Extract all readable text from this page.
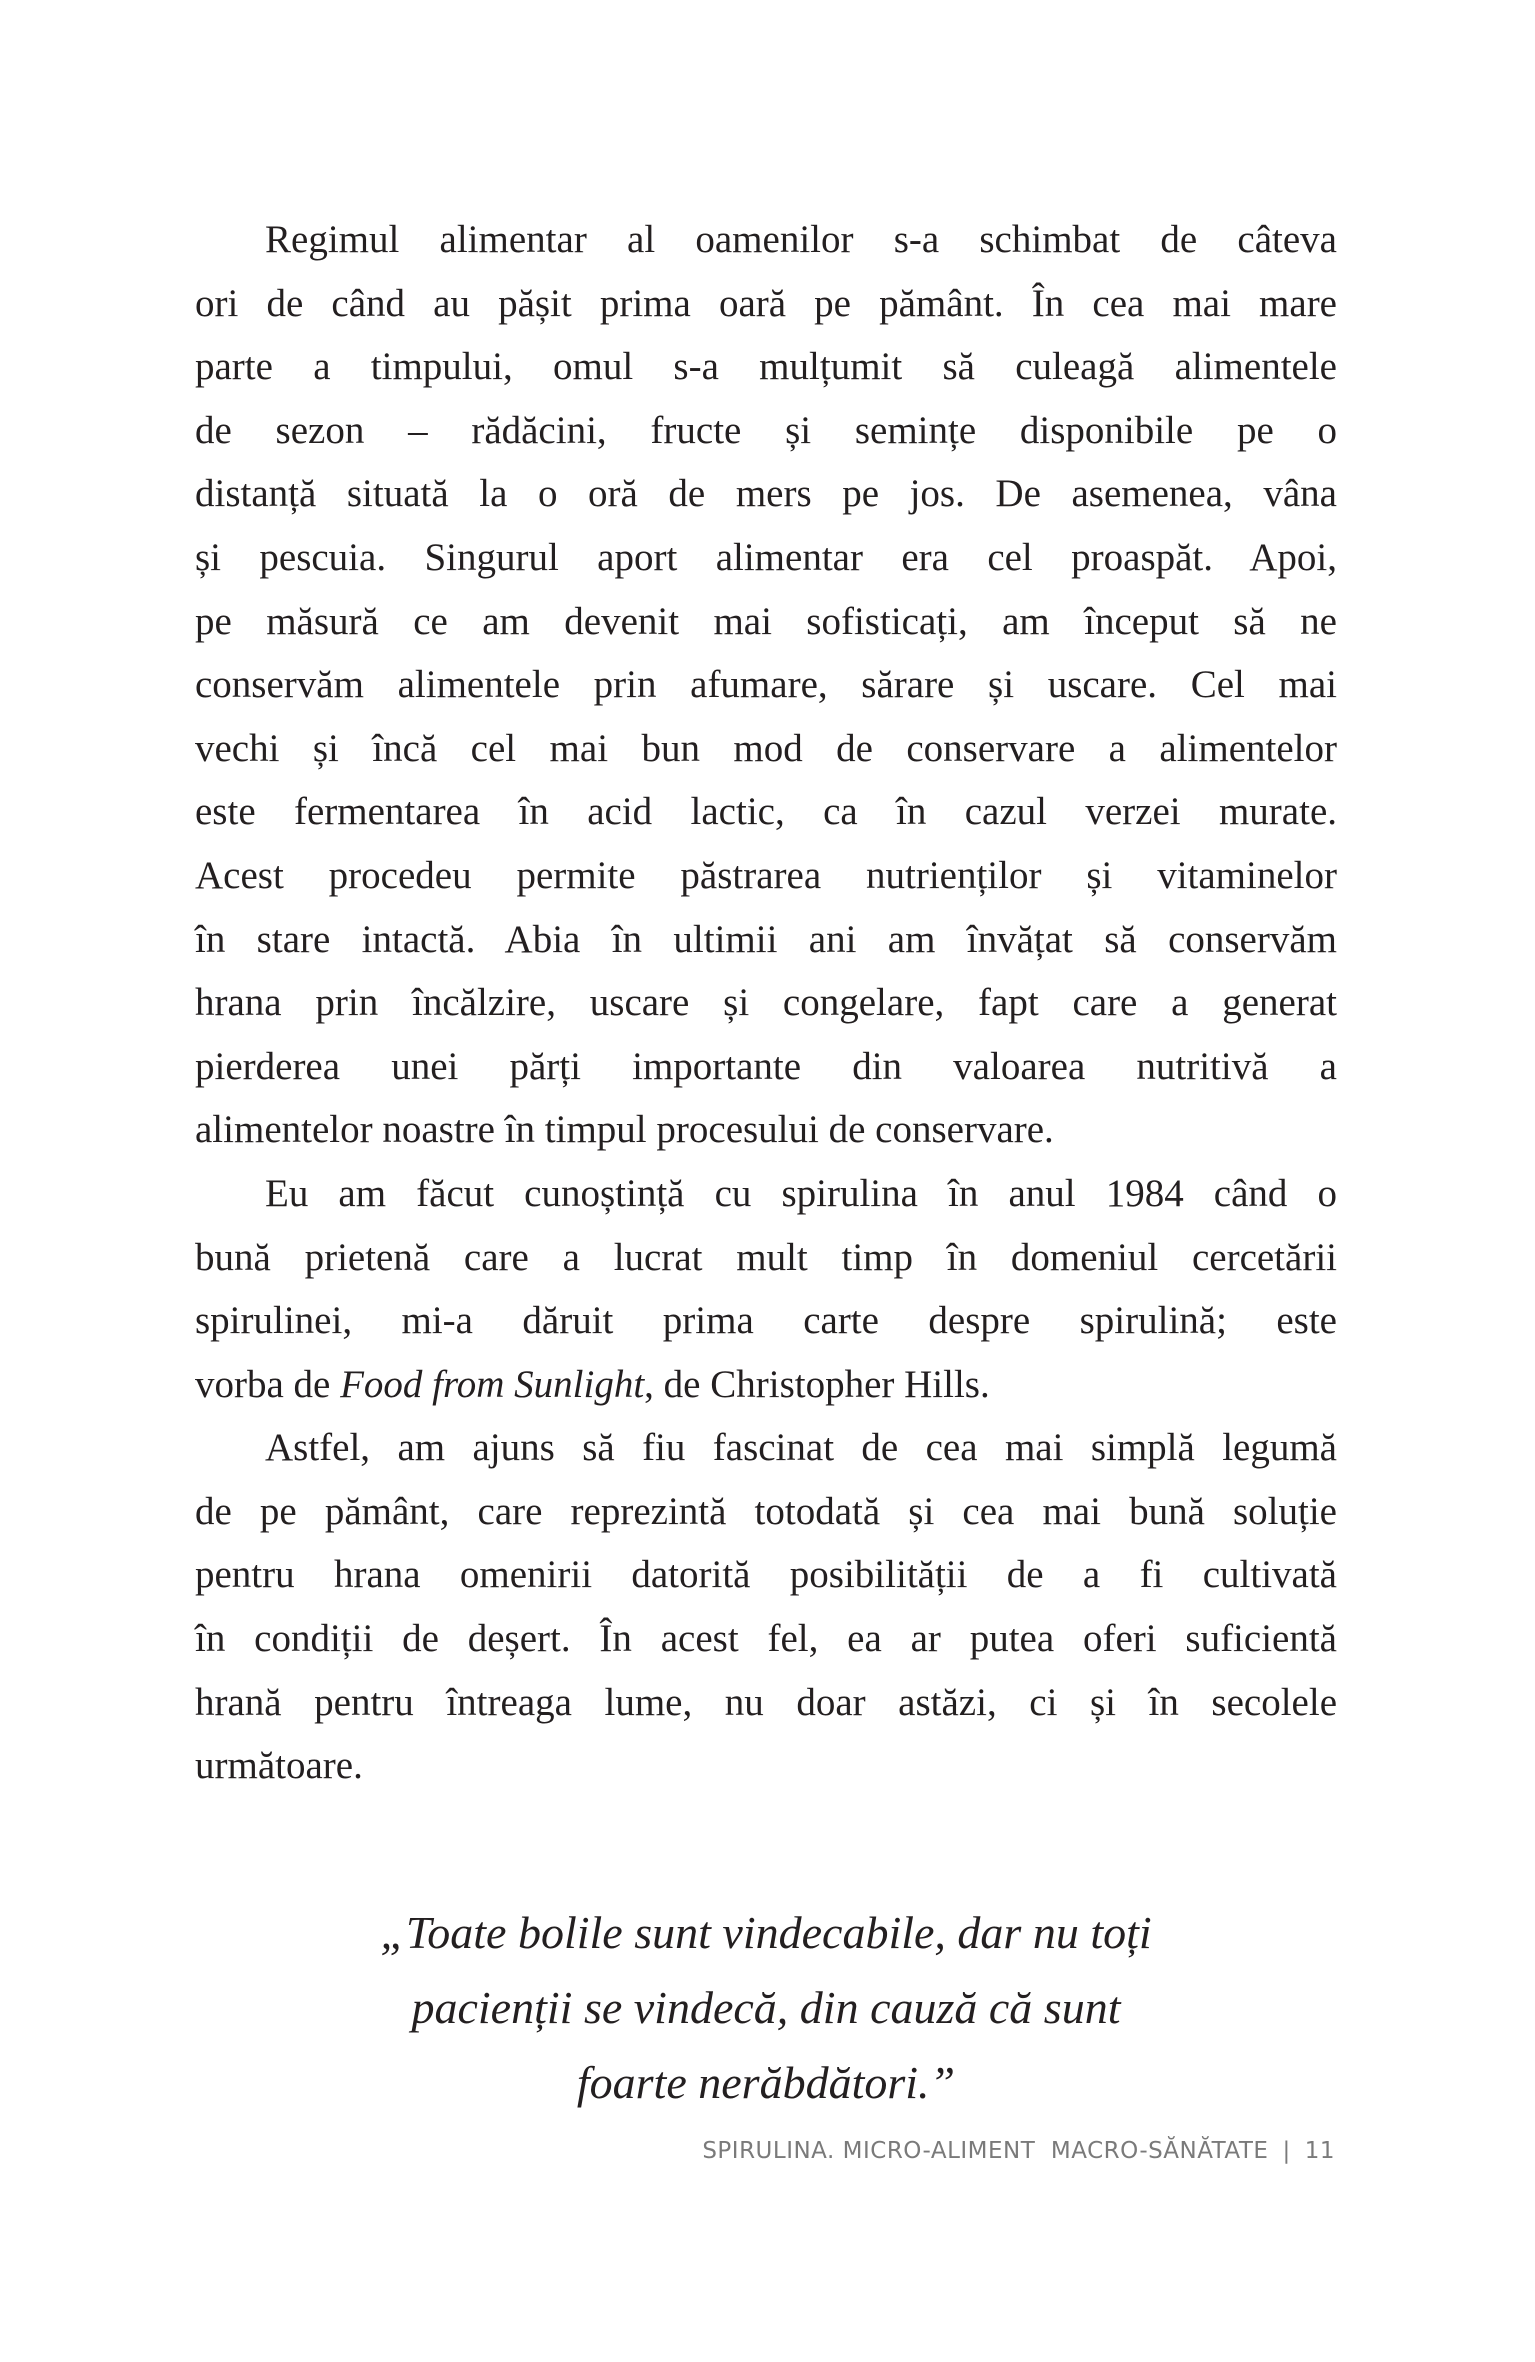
Regimul alimentar al oamenilor s-a schimbat de câteva
ori de când au pășit prima oară pe pământ. În cea mai mare
parte a timpului, omul s-a mulțumit să culeagă alimentele
de sezon – rădăcini, fructe și semințe disponibile pe o
distanță situată la o oră de mers pe jos. De asemenea, vâna
și pescuia. Singurul aport alimentar era cel proaspăt. Apoi,
pe măsură ce am devenit mai sofisticați, am început să ne
conservăm alimentele prin afumare, sărare și uscare. Cel mai
vechi și încă cel mai bun mod de conservare a alimentelor
este fermentarea în acid lactic, ca în cazul verzei murate.
Acest procedeu permite păstrarea nutrienților și vitaminelor
în stare intactă. Abia în ultimii ani am învățat să conservăm
hrana prin încălzire, uscare și congelare, fapt care a generat
pierderea unei părți importante din valoarea nutritivă a
alimentelor noastre în timpul procesului de conservare.

Eu am făcut cunoștință cu spirulina în anul 1984 când o
bună prietenă care a lucrat mult timp în domeniul cercetării
spirulinei, mi-a dăruit prima carte despre spirulină; este
vorba de Food from Sunlight, de Christopher Hills.

Astfel, am ajuns să fiu fascinat de cea mai simplă legumă
de pe pământ, care reprezintă totodată și cea mai bună soluție
pentru hrana omenirii datorită posibilității de a fi cultivată
în condiții de deșert. În acest fel, ea ar putea oferi suficientă
hrană pentru întreaga lume, nu doar astăzi, ci și în secolele
următoare.

„Toate bolile sunt vindecabile, dar nu toți
pacienții se vindecă, din cauză că sunt
foarte nerăbdători.”
SPIRULINA. MICRO-ALIMENT  MACRO-SĂNĂTATE | 11
